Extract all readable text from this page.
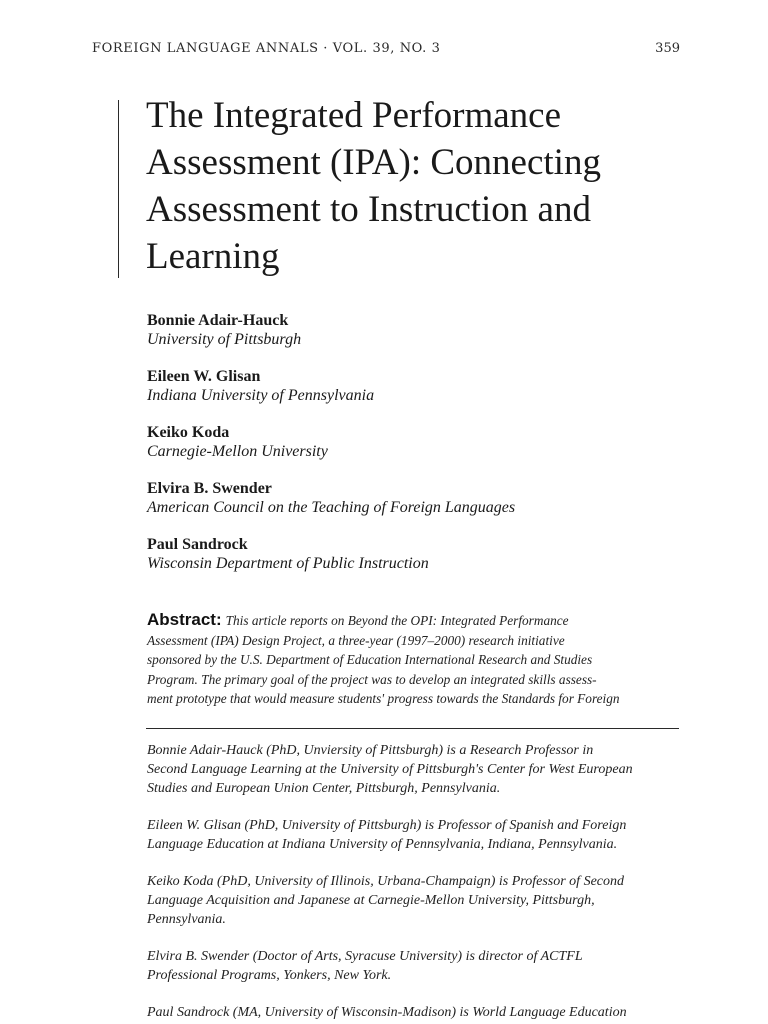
FOREIGN LANGUAGE ANNALS · VOL. 39, NO. 3	359
The Integrated Performance
Assessment (IPA): Connecting
Assessment to Instruction and
Learning
Bonnie Adair-Hauck
University of Pittsburgh
Eileen W. Glisan
Indiana University of Pennsylvania
Keiko Koda
Carnegie-Mellon University
Elvira B. Swender
American Council on the Teaching of Foreign Languages
Paul Sandrock
Wisconsin Department of Public Instruction

Abstract: This article reports on Beyond the OPI: Integrated Performance
Assessment (IPA) Design Project, a three-year (1997–2000) research initiative
sponsored by the U.S. Department of Education International Research and Studies
Program. The primary goal of the project was to develop an integrated skills assess-
ment prototype that would measure students' progress towards the Standards for Foreign

Bonnie Adair-Hauck (PhD, Unviersity of Pittsburgh) is a Research Professor in
Second Language Learning at the University of Pittsburgh's Center for West European
Studies and European Union Center, Pittsburgh, Pennsylvania.

Eileen W. Glisan (PhD, University of Pittsburgh) is Professor of Spanish and Foreign
Language Education at Indiana University of Pennsylvania, Indiana, Pennsylvania.

Keiko Koda (PhD, University of Illinois, Urbana-Champaign) is Professor of Second
Language Acquisition and Japanese at Carnegie-Mellon University, Pittsburgh,
Pennsylvania.

Elvira B. Swender (Doctor of Arts, Syracuse University) is director of ACTFL
Professional Programs, Yonkers, New York.

Paul Sandrock (MA, University of Wisconsin-Madison) is World Language Education
